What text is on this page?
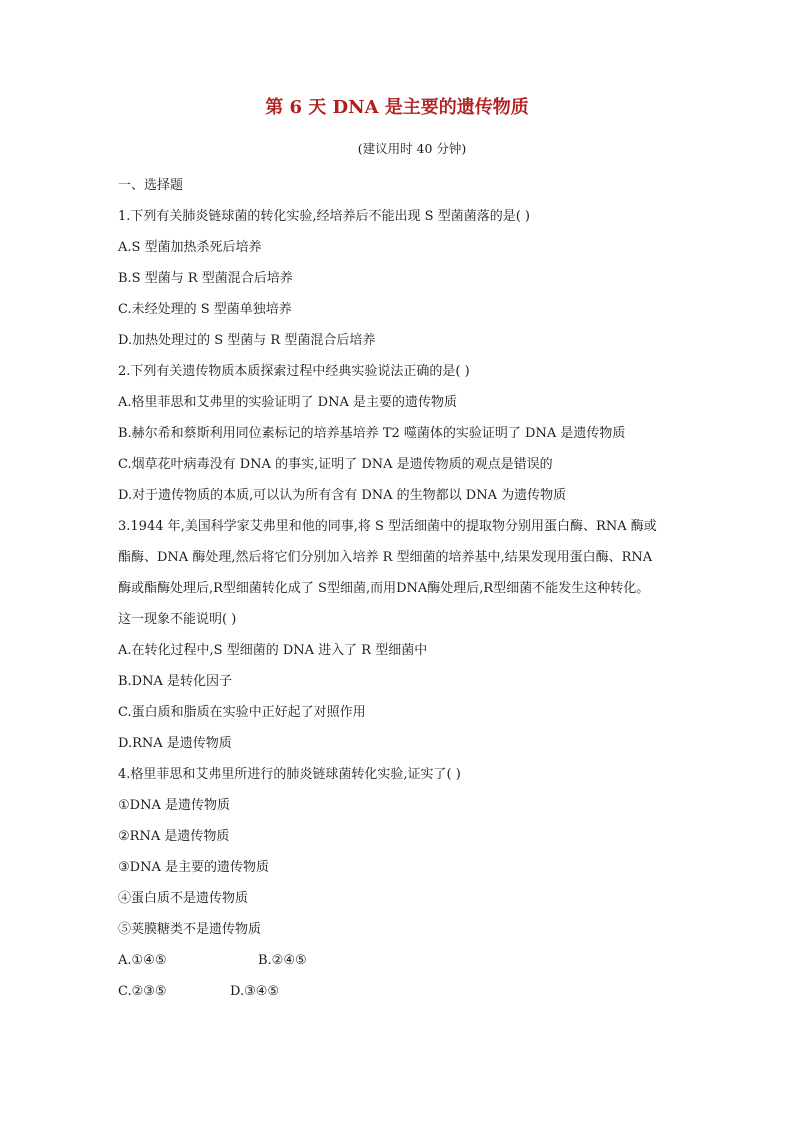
第 6 天 DNA 是主要的遗传物质
(建议用时 40 分钟)
一、选择题
1.下列有关肺炎链球菌的转化实验,经培养后不能出现 S 型菌菌落的是( )
A.S 型菌加热杀死后培养
B.S 型菌与 R 型菌混合后培养
C.未经处理的 S 型菌单独培养
D.加热处理过的 S 型菌与 R 型菌混合后培养
2.下列有关遗传物质本质探索过程中经典实验说法正确的是( )
A.格里菲思和艾弗里的实验证明了 DNA 是主要的遗传物质
B.赫尔希和蔡斯利用同位素标记的培养基培养 T2 噬菌体的实验证明了 DNA 是遗传物质
C.烟草花叶病毒没有 DNA 的事实,证明了 DNA 是遗传物质的观点是错误的
D.对于遗传物质的本质,可以认为所有含有 DNA 的生物都以 DNA 为遗传物质
3.1944 年,美国科学家艾弗里和他的同事,将 S 型活细菌中的提取物分别用蛋白酶、RNA 酶或
酯酶、DNA 酶处理,然后将它们分别加入培养 R 型细菌的培养基中,结果发现用蛋白酶、RNA
酶或酯酶处理后,R型细菌转化成了 S型细菌,而用DNA酶处理后,R型细菌不能发生这种转化。
这一现象不能说明( )
A.在转化过程中,S 型细菌的 DNA 进入了 R 型细菌中
B.DNA 是转化因子
C.蛋白质和脂质在实验中正好起了对照作用
D.RNA 是遗传物质
4.格里菲思和艾弗里所进行的肺炎链球菌转化实验,证实了( )
①DNA 是遗传物质
②RNA 是遗传物质
③DNA 是主要的遗传物质
④蛋白质不是遗传物质
⑤荚膜糖类不是遗传物质
A.①④⑤	B.②④⑤
C.②③⑤	D.③④⑤
